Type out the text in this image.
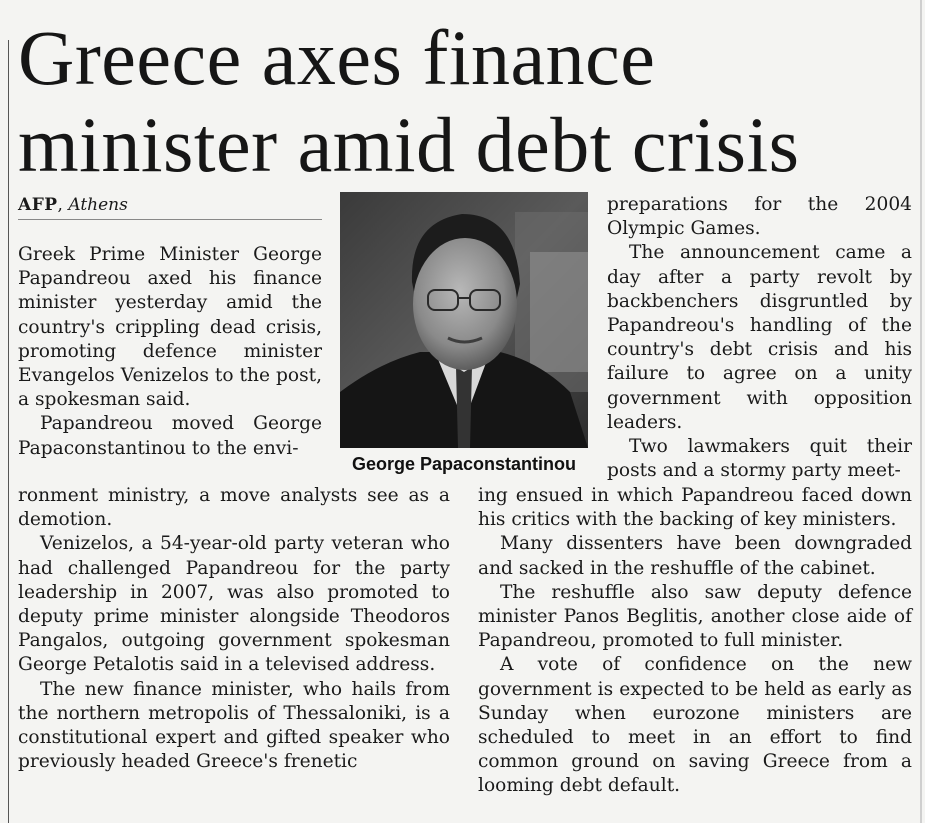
Greece axes finance
minister amid debt crisis
AFP, Athens

Greek Prime Minister George Papandreou axed his finance minister yesterday amid the country's crippling dead crisis, promoting defence minister Evangelos Venizelos to the post, a spokesman said.

Papandreou moved George Papaconstantinou to the envi-

ronment ministry, a move analysts see as a demotion.

Venizelos, a 54-year-old party veteran who had challenged Papandreou for the party leadership in 2007, was also promoted to deputy prime minister alongside Theodoros Pangalos, outgoing government spokesman George Petalotis said in a televised address.

The new finance minister, who hails from the northern metropolis of Thessaloniki, is a constitutional expert and gifted speaker who previously headed Greece's frenetic

George Papaconstantinou

preparations for the 2004 Olympic Games.

The announcement came a day after a party revolt by backbenchers disgruntled by Papandreou's handling of the country's debt crisis and his failure to agree on a unity government with opposition leaders.

Two lawmakers quit their posts and a stormy party meet-

ing ensued in which Papandreou faced down his critics with the backing of key ministers.

Many dissenters have been downgraded and sacked in the reshuffle of the cabinet.

The reshuffle also saw deputy defence minister Panos Beglitis, another close aide of Papandreou, promoted to full minister.

A vote of confidence on the new government is expected to be held as early as Sunday when eurozone ministers are scheduled to meet in an effort to find common ground on saving Greece from a looming debt default.
